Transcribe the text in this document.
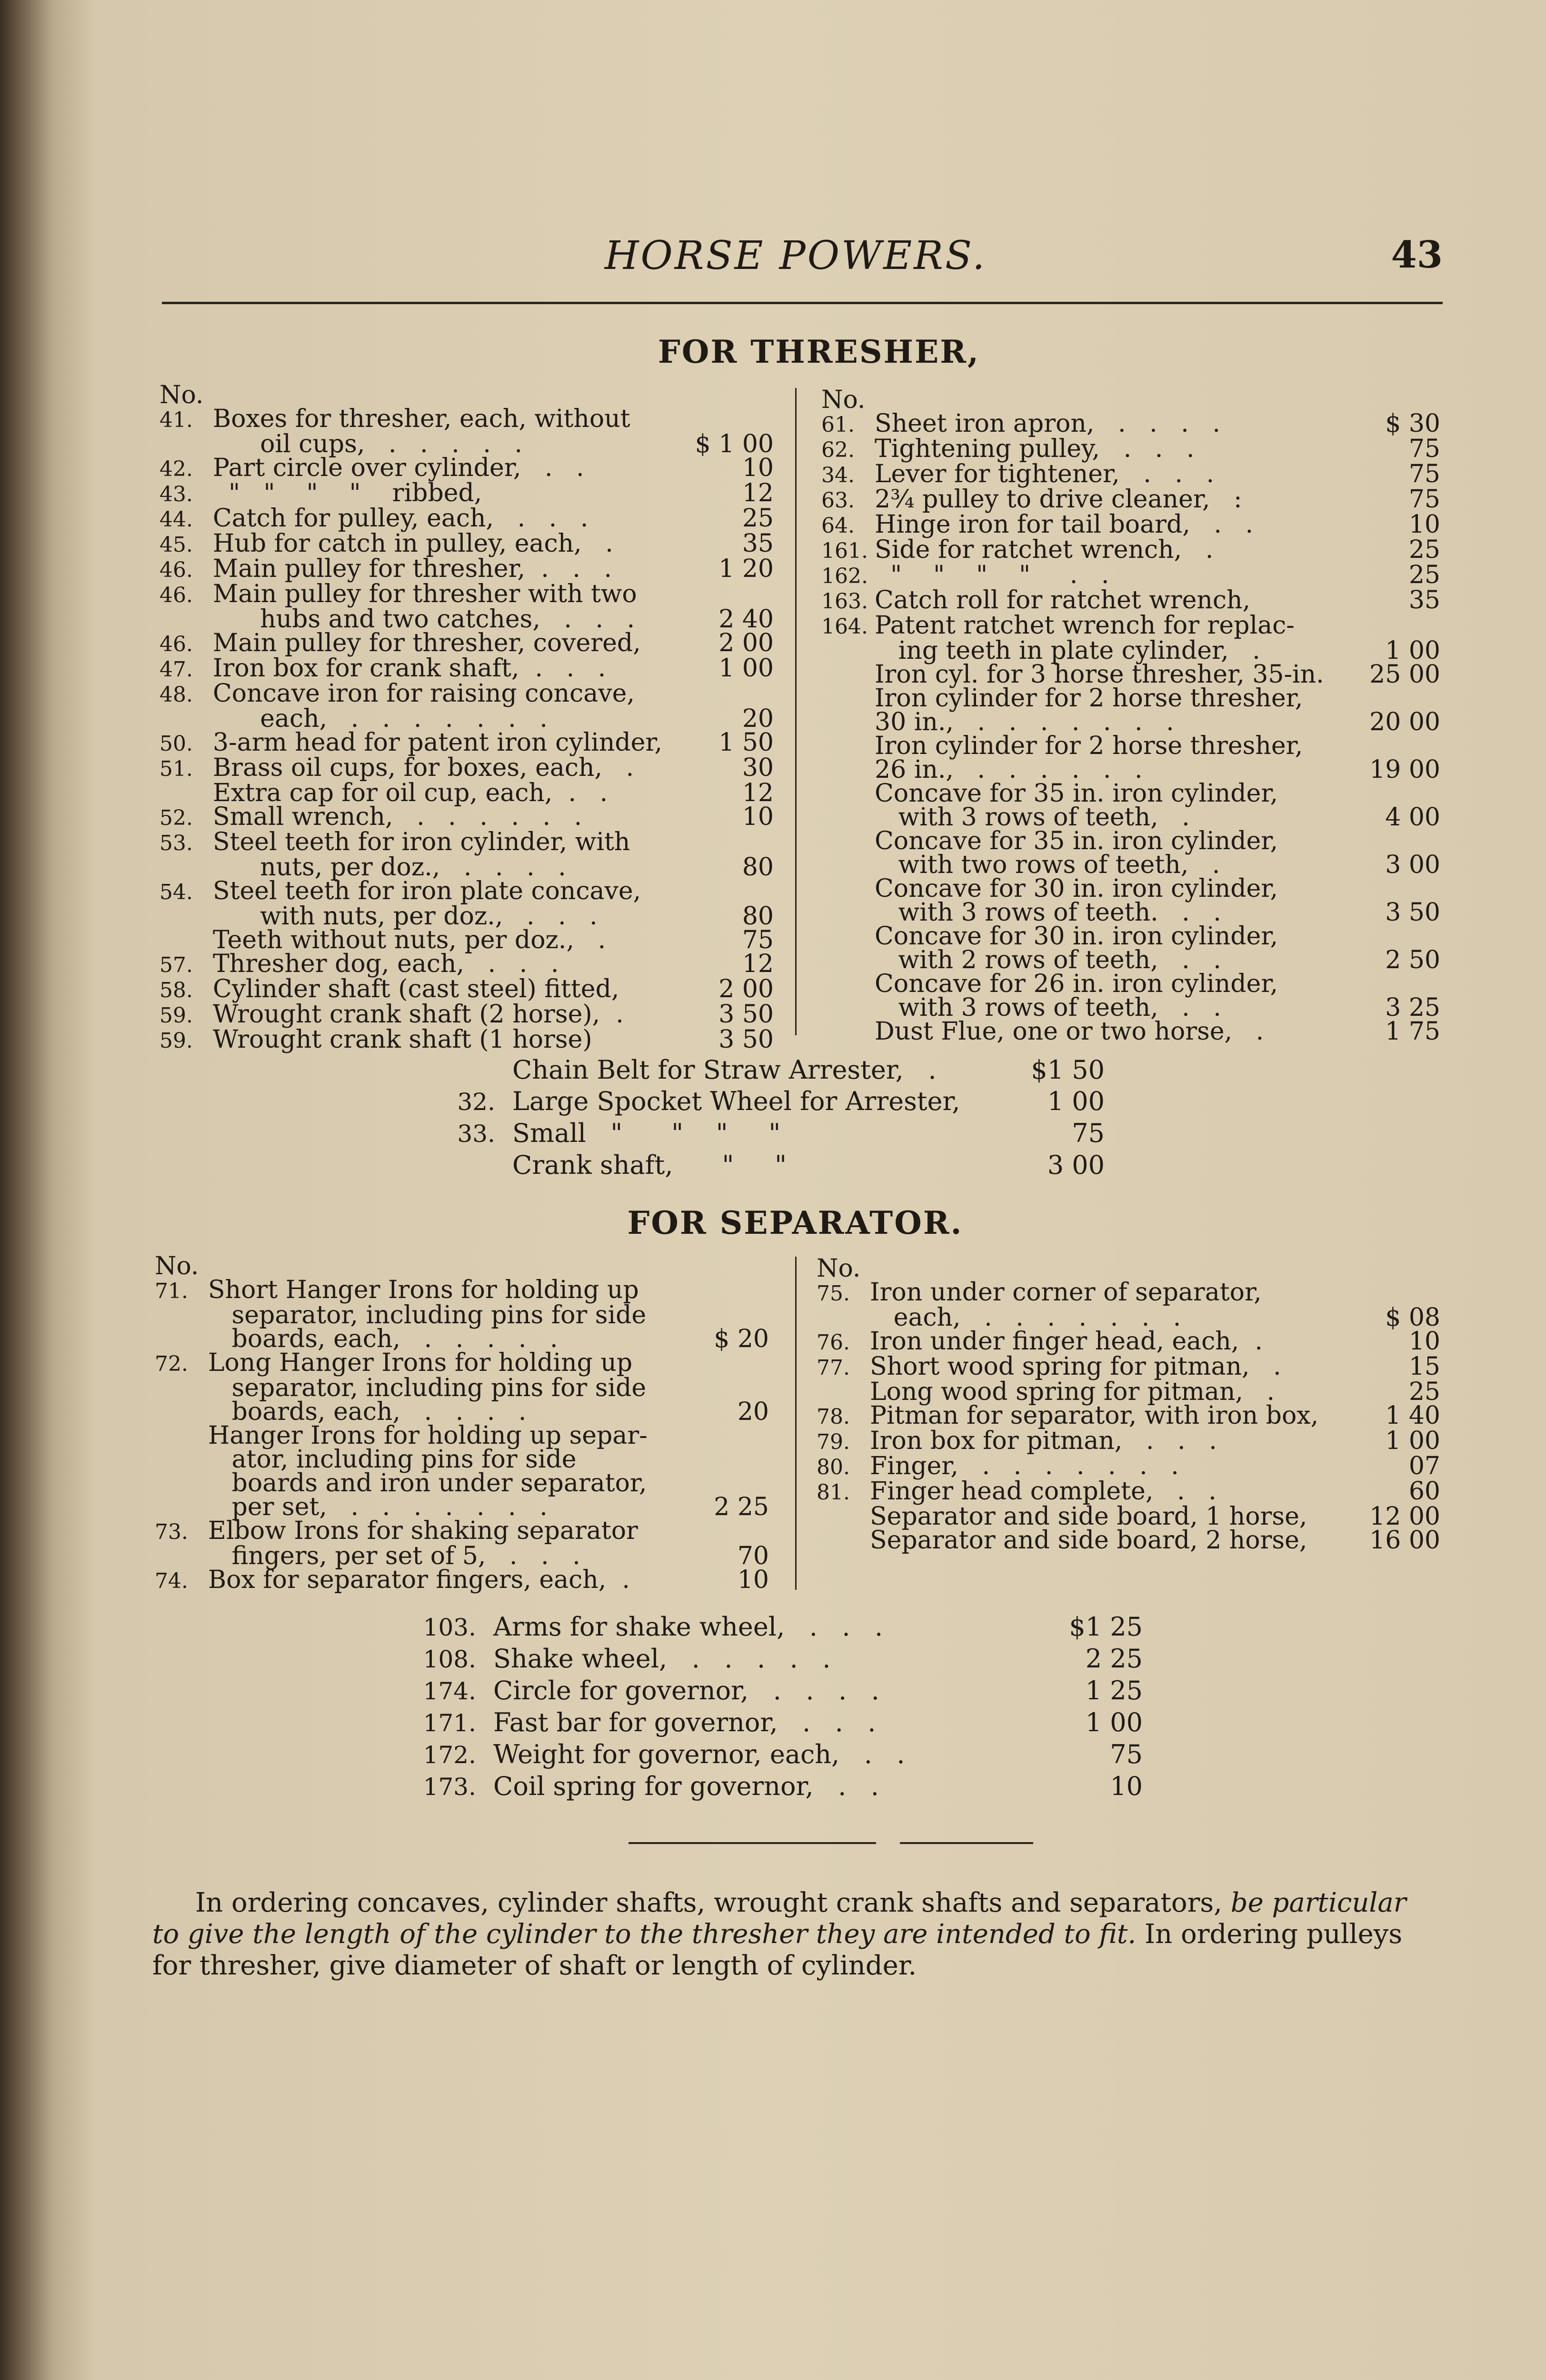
HORSE POWERS.	43
FOR THRESHER,
No.
41. Boxes for thresher, each, without
oil cups,   .   .   .   .   .	$ 1 00
42. Part circle over cylinder,   .   .	10
43. "   "    "    "    ribbed,	12
44. Catch for pulley, each,   .   .   .	25
45. Hub for catch in pulley, each,   .	35
46. Main pulley for thresher,  .   .   .	1 20
46. Main pulley for thresher with two
hubs and two catches,   .   .   .	2 40
46. Main pulley for thresher, covered,	2 00
47. Iron box for crank shaft,  .   .   .	1 00
48. Concave iron for raising concave,
each,   .   .   .   .   .   .   .	20
50. 3-arm head for patent iron cylinder,	1 50
51. Brass oil cups, for boxes, each,   .	30
Extra cap for oil cup, each,  .   .	12
52. Small wrench,   .   .   .   .   .   .	10
53. Steel teeth for iron cylinder, with
nuts, per doz.,   .   .   .   .	80
54. Steel teeth for iron plate concave,
with nuts, per doz.,   .   .   .	80
Teeth without nuts, per doz.,   .	75
57. Thresher dog, each,   .   .   .	12
58. Cylinder shaft (cast steel) fitted,	2 00
59. Wrought crank shaft (2 horse),  .	3 50
59. Wrought crank shaft (1 horse)	3 50
No.
61. Sheet iron apron,   .   .   .   .	$ 30
62. Tightening pulley,   .   .   .	75
34. Lever for tightener,   .   .   .	75
63. 2¾ pulley to drive cleaner,   :	75
64. Hinge iron for tail board,   .   .	10
161. Side for ratchet wrench,   .	25
162. "    "    "    "     .   .	25
163. Catch roll for ratchet wrench,	35
164. Patent ratchet wrench for replac-
ing teeth in plate cylinder,   .	1 00
Iron cyl. for 3 horse thresher, 35-in.	25 00
Iron cylinder for 2 horse thresher,
30 in.,   .   .   .   .   .   .   .	20 00
Iron cylinder for 2 horse thresher,
26 in.,   .   .   .   .   .   .	19 00
Concave for 35 in. iron cylinder,
with 3 rows of teeth,   .	4 00
Concave for 35 in. iron cylinder,
with two rows of teeth,   .	3 00
Concave for 30 in. iron cylinder,
with 3 rows of teeth.   .   .	3 50
Concave for 30 in. iron cylinder,
with 2 rows of teeth,   .   .	2 50
Concave for 26 in. iron cylinder,
with 3 rows of teeth,   .   .	3 25
Dust Flue, one or two horse,   .	1 75
Chain Belt for Straw Arrester,   .	$1 50
32. Large Spocket Wheel for Arrester,	1 00
33. Small   "      "    "     "	75
Crank shaft,      "     "	3 00
FOR SEPARATOR.
No.
71. Short Hanger Irons for holding up
separator, including pins for side
boards, each,   .   .   .   .   .	$ 20
72. Long Hanger Irons for holding up
separator, including pins for side
boards, each,   .   .   .   .	20
Hanger Irons for holding up separ-
ator, including pins for side
boards and iron under separator,
per set,   .   .   .   .   .   .   .	2 25
73. Elbow Irons for shaking separator
fingers, per set of 5,   .   .   .	70
74. Box for separator fingers, each,  .	10
No.
75. Iron under corner of separator,
each,   .   .   .   .   .   .   .	$ 08
76. Iron under finger head, each,  .	10
77. Short wood spring for pitman,   .	15
Long wood spring for pitman,   .	25
78. Pitman for separator, with iron box,	1 40
79. Iron box for pitman,   .   .   .	1 00
80. Finger,   .   .   .   .   .   .   .	07
81. Finger head complete,   .   .	60
Separator and side board, 1 horse,	12 00
Separator and side board, 2 horse,	16 00
103. Arms for shake wheel,   .   .   .	$1 25
108. Shake wheel,   .   .   .   .   .	2 25
174. Circle for governor,   .   .   .   .	1 25
171. Fast bar for governor,   .   .   .	1 00
172. Weight for governor, each,   .   .	75
173. Coil spring for governor,   .   .	10

In ordering concaves, cylinder shafts, wrought crank shafts and separators, be particular to give the length of the cylinder to the thresher they are intended to fit. In ordering pulleys for thresher, give diameter of shaft or length of cylinder.
